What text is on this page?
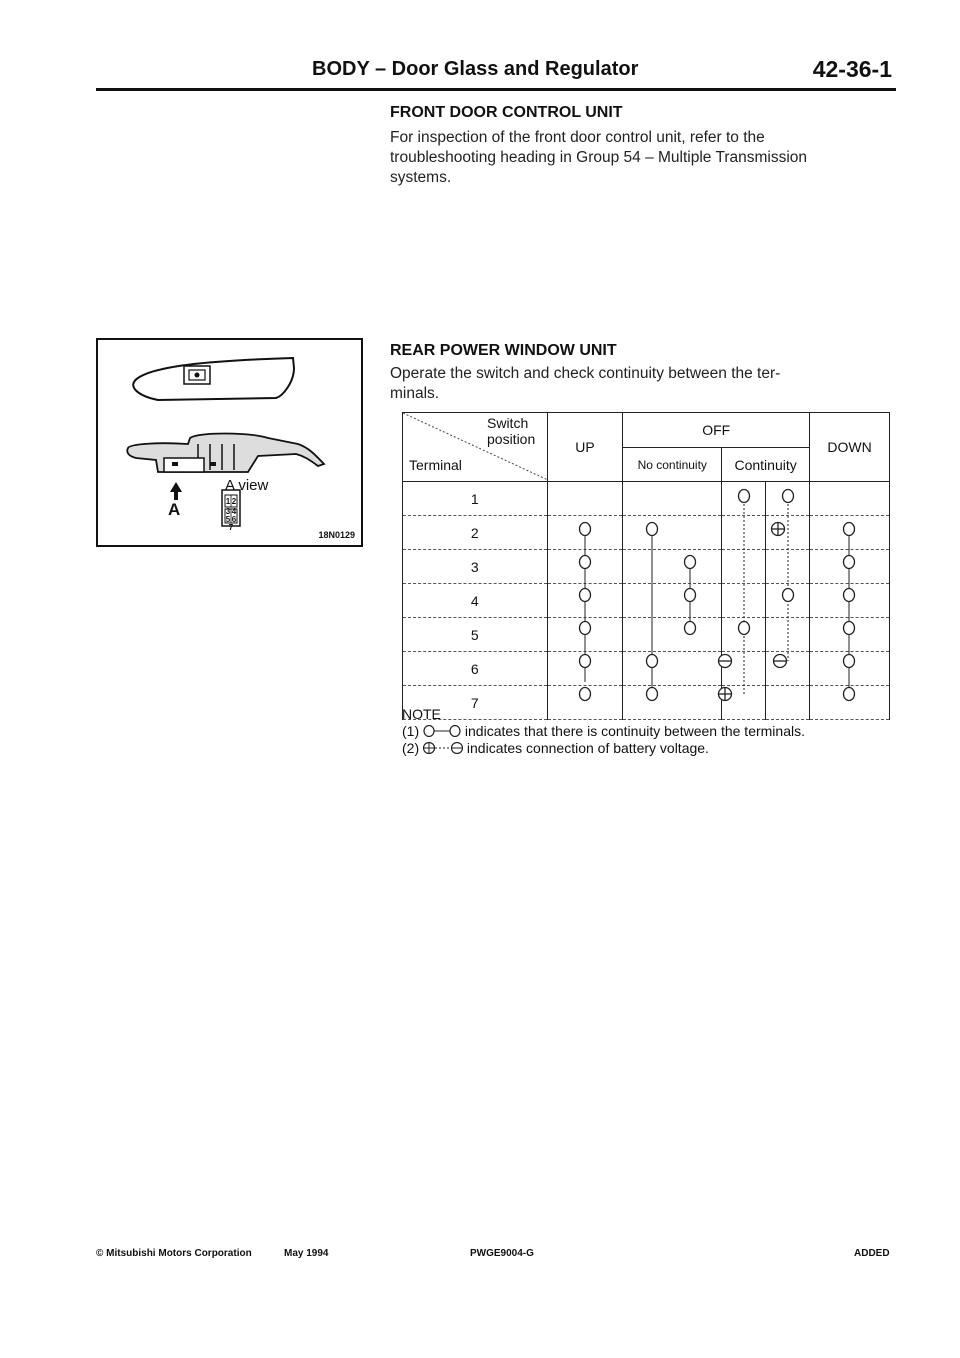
BODY – Door Glass and Regulator	42-36-1
FRONT DOOR CONTROL UNIT
For inspection of the front door control unit, refer to the
troubleshooting heading in Group 54 – Multiple Transmission
systems.
1 2
3 4
5 6
7
A view
A
18N0129
REAR POWER WINDOW UNIT
Operate the switch and check continuity between the ter-
minals.
Switch
position
Terminal	UP	OFF			DOWN
		No continuity	Continuity		
1					
2					
3					
4					
5					
6					
7					
NOTE
(1)	indicates that there is continuity between the terminals.
(2)	indicates connection of battery voltage.
© Mitsubishi Motors Corporation	May 1994	PWGE9004-G	ADDED
